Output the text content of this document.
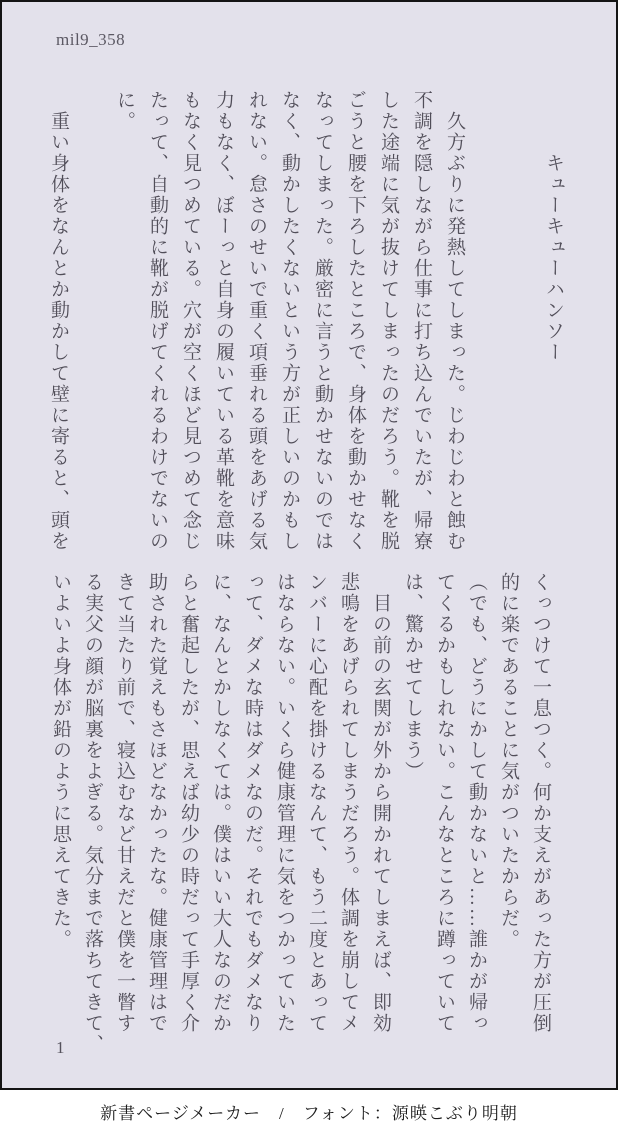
mil9_358

　　　キューキューハンソー

　久方ぶりに発熱してしまった。じわじわと蝕む

不調を隠しながら仕事に打ち込んでいたが、帰寮

した途端に気が抜けてしまったのだろう。靴を脱

ごうと腰を下ろしたところで、身体を動かせなく

なってしまった。厳密に言うと動かせないのでは

なく、動かしたくないという方が正しいのかもし

れない。怠さのせいで重く項垂れる頭をあげる気

力もなく、ぼーっと自身の履いている革靴を意味

もなく見つめている。穴が空くほど見つめて念じ

たって、自動的に靴が脱げてくれるわけでないの

に。

　重い身体をなんとか動かして壁に寄ると、頭を

くっつけて一息つく。何か支えがあった方が圧倒

的に楽であることに気がついたからだ。

（でも、どうにかして動かないと……誰かが帰っ

てくるかもしれない。こんなところに蹲っていて

は、驚かせてしまう）

　目の前の玄関が外から開かれてしまえば、即効

悲鳴をあげられてしまうだろう。体調を崩してメ

ンバーに心配を掛けるなんて、もう二度とあって

はならない。いくら健康管理に気をつかっていた

って、ダメな時はダメなのだ。それでもダメなり

に、なんとかしなくては。僕はいい大人なのだか

らと奮起したが、思えば幼少の時だって手厚く介

助された覚えもさほどなかったな。健康管理はで

きて当たり前で、寝込むなど甘えだと僕を一瞥す

る実父の顔が脳裏をよぎる。気分まで落ちてきて、

いよいよ身体が鉛のように思えてきた。

1
新書ページメーカー　/　フォント：源暎こぶり明朝
